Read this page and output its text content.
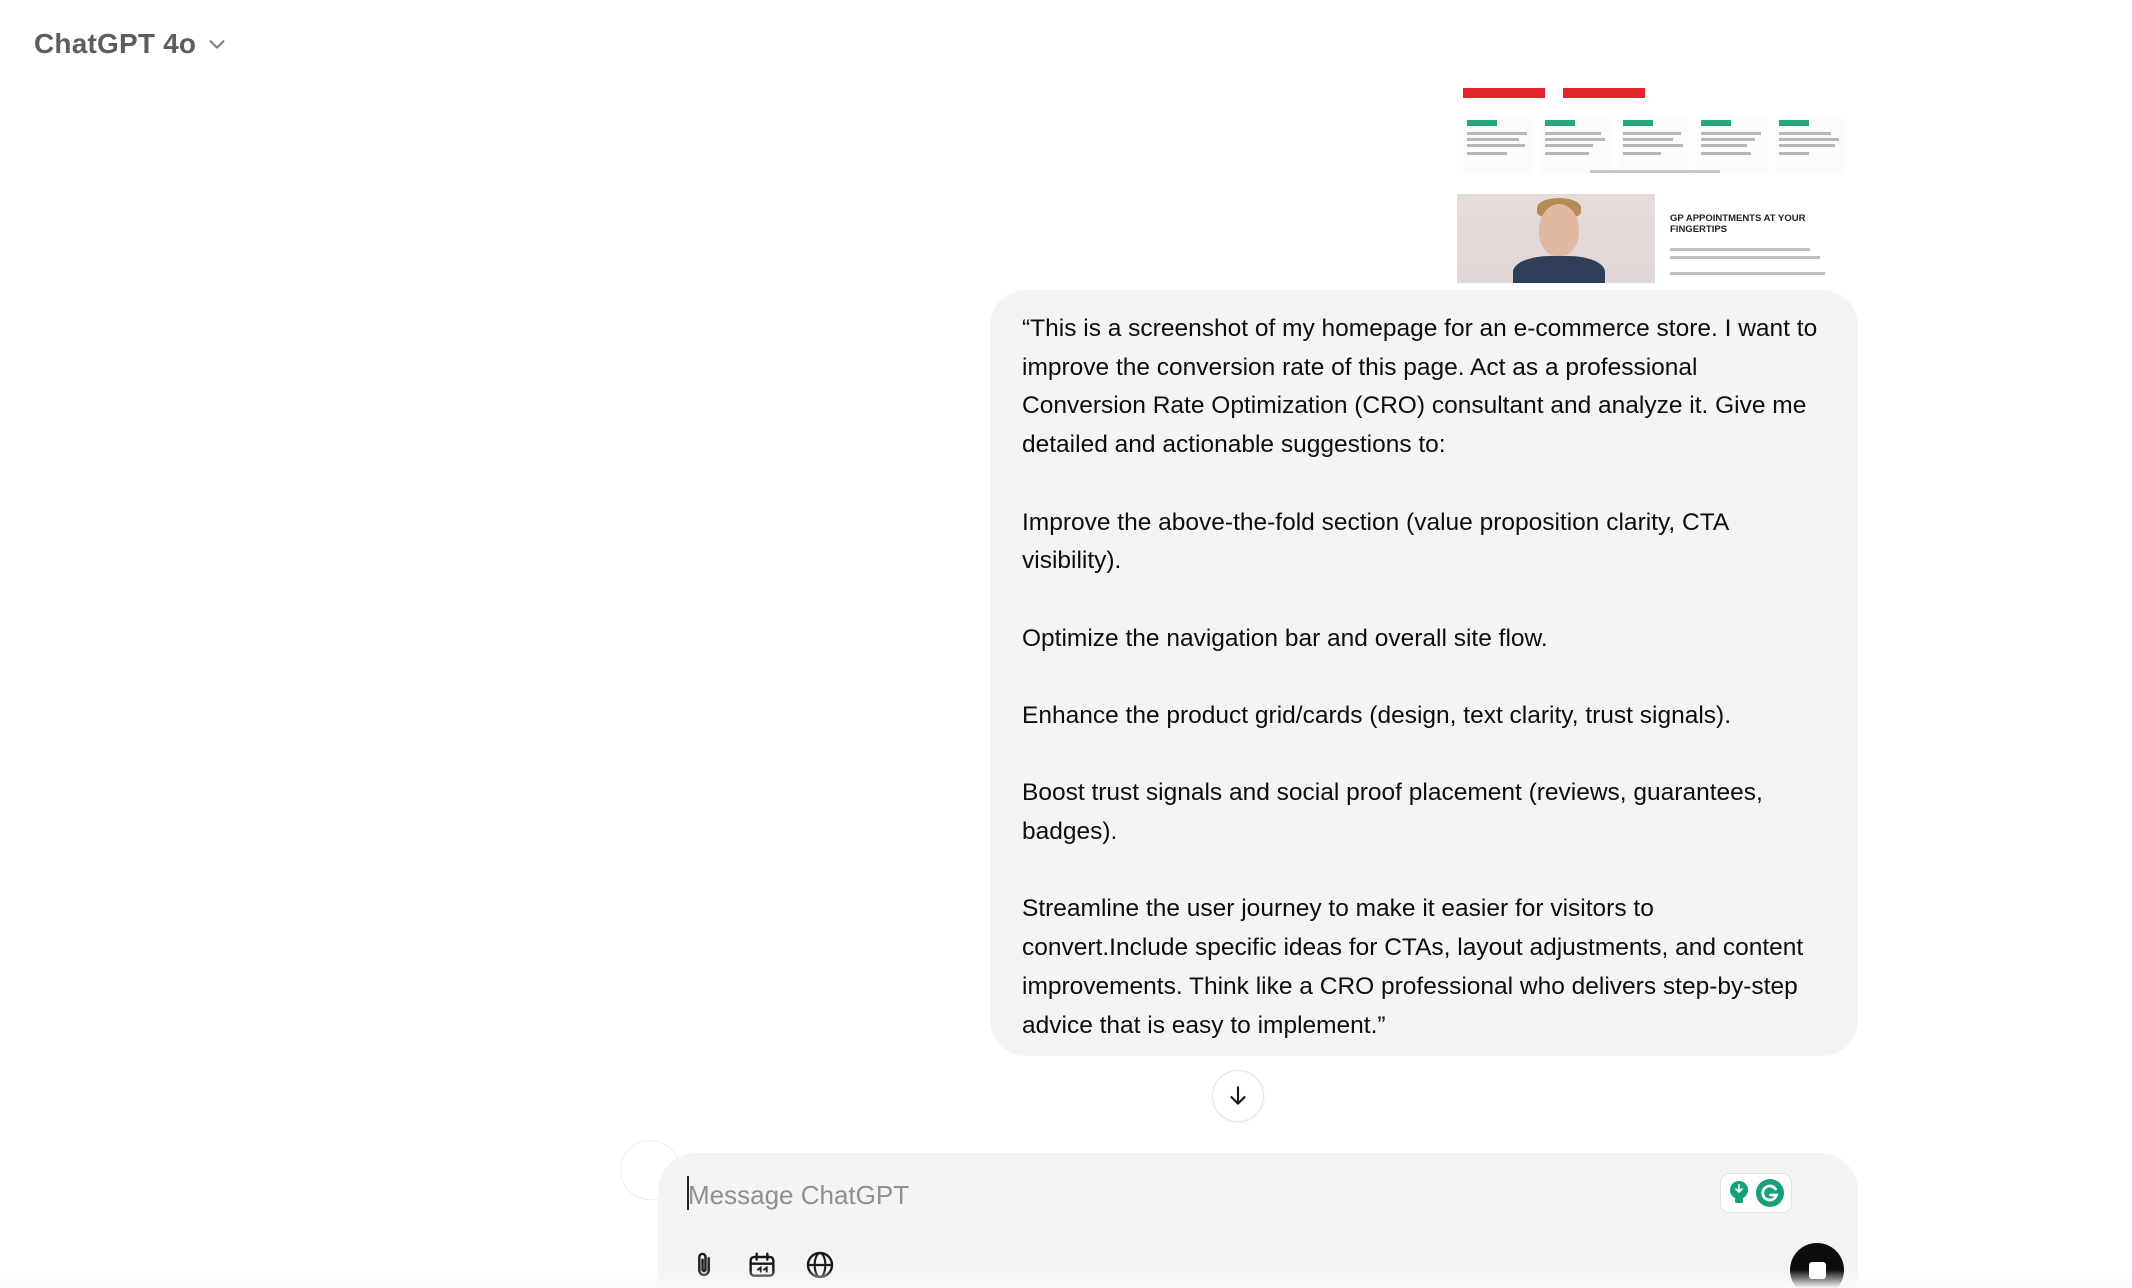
ChatGPT 4o
GP APPOINTMENTS AT YOUR FINGERTIPS

“This is a screenshot of my homepage for an e-commerce store. I want to improve the conversion rate of this page. Act as a professional Conversion Rate Optimization (CRO) consultant and analyze it. Give me detailed and actionable suggestions to:

Improve the above-the-fold section (value proposition clarity, CTA visibility).

Optimize the navigation bar and overall site flow.

Enhance the product grid/cards (design, text clarity, trust signals).

Boost trust signals and social proof placement (reviews, guarantees, badges).

Streamline the user journey to make it easier for visitors to convert.Include specific ideas for CTAs, layout adjustments, and content improvements. Think like a CRO professional who delivers step-by-step advice that is easy to implement.”

Message ChatGPT
